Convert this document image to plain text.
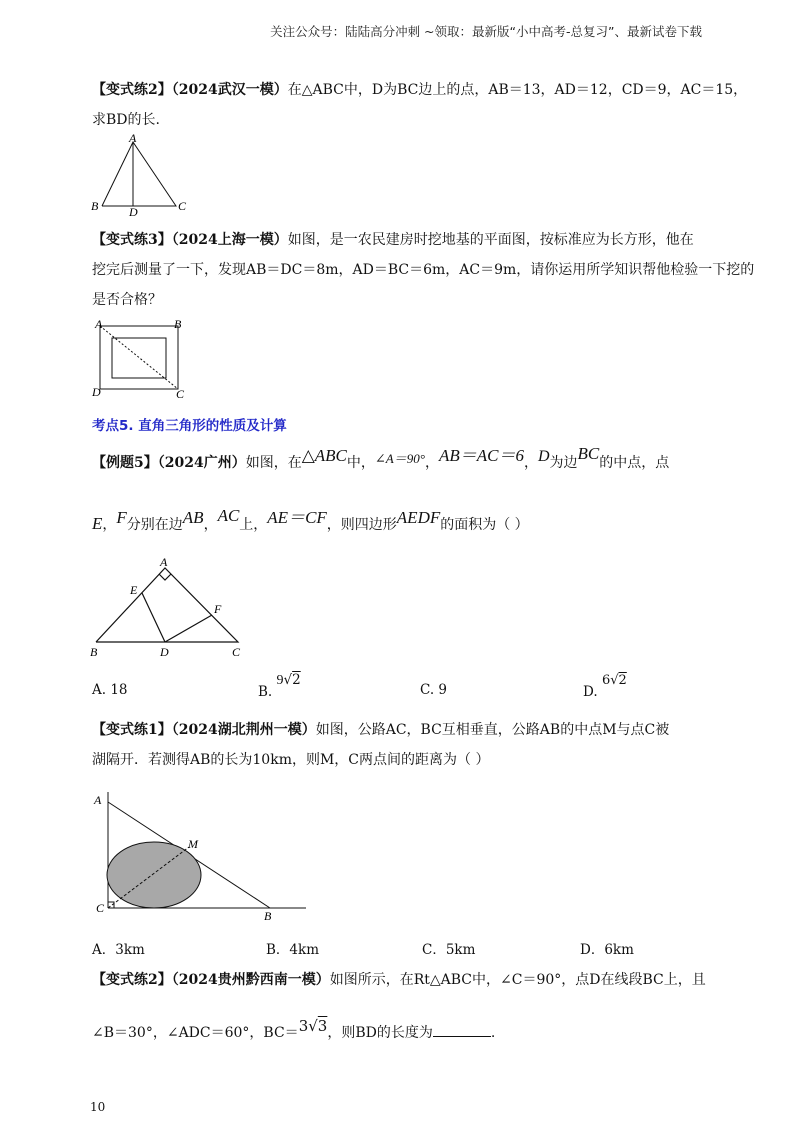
关注公众号：陆陆高分冲刺 ~领取：最新版“小中高考-总复习”、最新试卷下载
【变式练2】（2024武汉一模）在△ABC中，D为BC边上的点，AB＝13，AD＝12，CD＝9，AC＝15，
求BD的长.
A
B	D	C
【变式练3】（2024上海一模）如图，是一农民建房时挖地基的平面图，按标准应为长方形，他在
挖完后测量了一下，发现AB＝DC＝8m，AD＝BC＝6m，AC＝9m，请你运用所学知识帮他检验一下挖的
是否合格？
A	B
D	C
考点5. 直角三角形的性质及计算
【例题5】（2024广州）如图，在△ABC中，∠A＝90°，AB＝AC＝6，D为边BC的中点，点
E，F分别在边AB，AC上，AE＝CF，则四边形AEDF的面积为（ ）
A
E
F
B	D	C
A. 18	B. 9√2
C. 9	D. 6√2
【变式练1】（2024湖北荆州一模）如图，公路AC，BC互相垂直，公路AB的中点M与点C被
湖隔开．若测得AB的长为10km，则M，C两点间的距离为（ ）
A
M
C
B
A．3km	B．4km	C．5km	D．6km
【变式练2】（2024贵州黔西南一模）如图所示，在Rt△ABC中，∠C＝90°，点D在线段BC上，且
∠B＝30°，∠ADC＝60°，BC＝3√3，则BD的长度为	.
10
